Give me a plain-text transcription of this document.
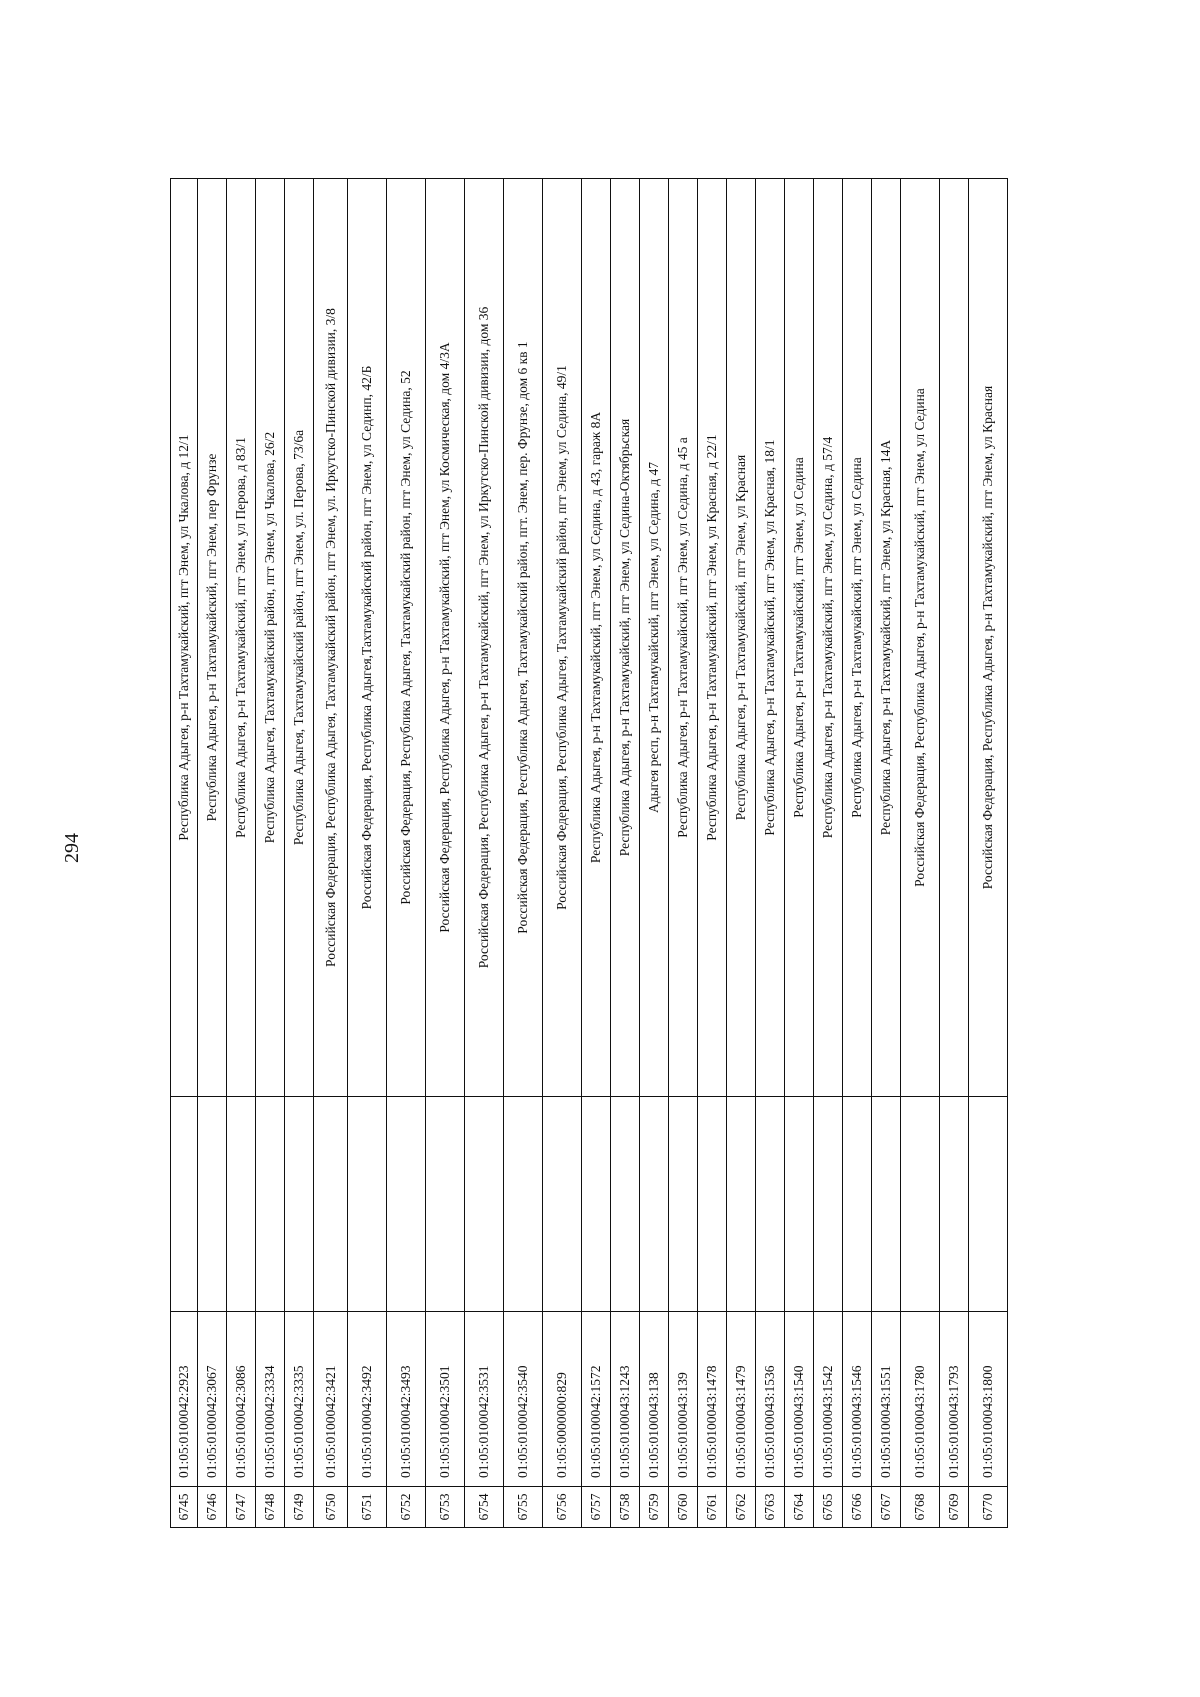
294
6745	01:05:0100042:2923		Республика Адыгея, р-н Тахтамукайский, пгт Энем, ул Чкалова, д 12/1
6746	01:05:0100042:3067		Республика Адыгея, р-н Тахтамукайский, пгт Энем, пер Фрунзе
6747	01:05:0100042:3086		Республика Адыгея, р-н Тахтамукайский, пгт Энем, ул Перова, д 83/1
6748	01:05:0100042:3334		Республика Адыгея, Тахтамукайский район, пгт Энем, ул Чкалова, 26/2
6749	01:05:0100042:3335		Республика Адыгея, Тахтамукайский район, пгт Энем, ул. Перова, 73/6а
6750	01:05:0100042:3421		Российская Федерация, Республика Адыгея, Тахтамукайский район, пгт Энем, ул. Иркутско-Пинской дивизии, 3/8
6751	01:05:0100042:3492		Российская Федерация, Республика Адыгея,Тахтамукайский район, пгт Энем, ул Сединп, 42/Б
6752	01:05:0100042:3493		Российская Федерация, Республика Адыгея, Тахтамукайский район, пгт Энем, ул Седина, 52
6753	01:05:0100042:3501		Российская Федерация, Республика Адыгея, р-н Тахтамукайский, пгт Энем, ул Космическая, дом 4/3А
6754	01:05:0100042:3531		Российская Федерация, Республика Адыгея, р-н Тахтамукайский, пгт Энем, ул Иркутско-Пинской дивизии, дом 36
6755	01:05:0100042:3540		Российская Федерация, Республика Адыгея, Тахтамукайский район, пгт. Энем, пер. Фрунзе, дом 6 кв 1
6756	01:05:0000000:829		Российская Федерация, Республика Адыгея, Тахтамукайский район, пгт Энем, ул Седина, 49/1
6757	01:05:0100042:1572		Республика Адыгея, р-н Тахтамукайский, пгт Энем, ул Седина, д 43, гараж 8А
6758	01:05:0100043:1243		Республика Адыгея, р-н Тахтамукайский, пгт Энем, ул Седина-Октябрьская
6759	01:05:0100043:138		Адыгея респ, р-н Тахтамукайский, пгт Энем, ул Седина, д 47
6760	01:05:0100043:139		Республика Адыгея, р-н Тахтамукайский, пгт Энем, ул Седина, д 45 а
6761	01:05:0100043:1478		Республика Адыгея, р-н Тахтамукайский, пгт Энем, ул Красная, д 22/1
6762	01:05:0100043:1479		Республика Адыгея, р-н Тахтамукайский, пгт Энем, ул Красная
6763	01:05:0100043:1536		Республика Адыгея, р-н Тахтамукайский, пгт Энем, ул Красная, 18/1
6764	01:05:0100043:1540		Республика Адыгея, р-н Тахтамукайский, пгт Энем, ул Седина
6765	01:05:0100043:1542		Республика Адыгея, р-н Тахтамукайский, пгт Энем, ул Седина, д 57/4
6766	01:05:0100043:1546		Республика Адыгея, р-н Тахтамукайский, пгт Энем, ул Седина
6767	01:05:0100043:1551		Республика Адыгея, р-н Тахтамукайский, пгт Энем, ул Красная, 14А
6768	01:05:0100043:1780		Российская Федерация, Республика Адыгея, р-н Тахтамукайский, пгт Энем, ул Седина
6769	01:05:0100043:1793		
6770	01:05:0100043:1800		Российская Федерация, Республика Адыгея, р-н Тахтамукайский, пгт Энем, ул Красная
